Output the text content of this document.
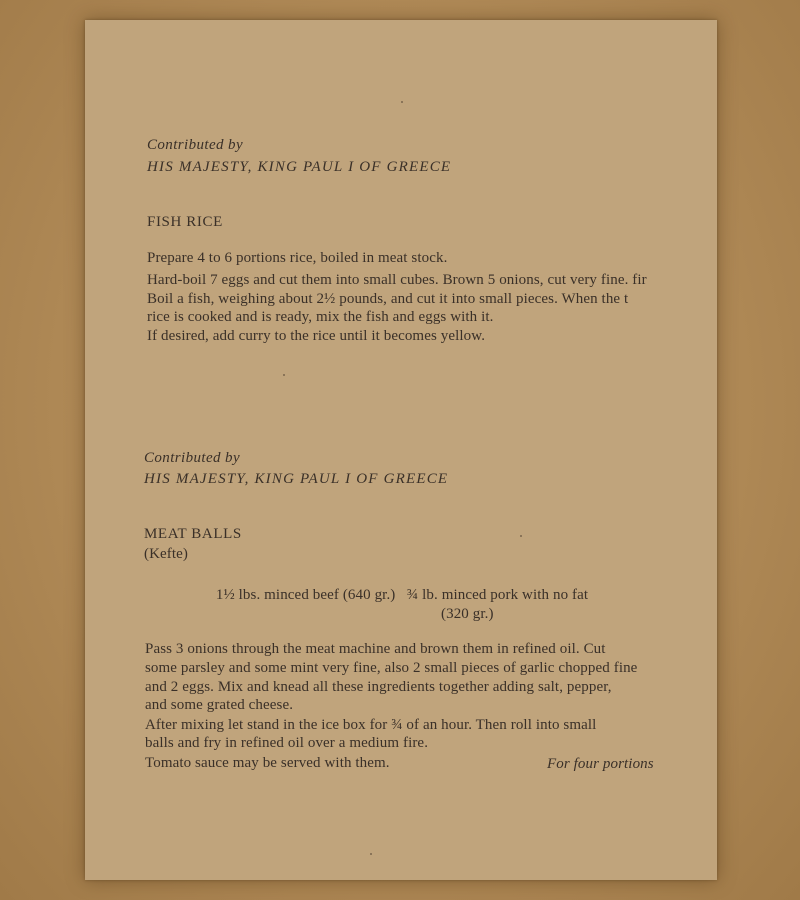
Contributed by
HIS MAJESTY, KING PAUL I OF GREECE
FISH RICE
Prepare 4 to 6 portions rice, boiled in meat stock.
Hard-boil 7 eggs and cut them into small cubes. Brown 5 onions, cut very fine. fir
Boil a fish, weighing about 2½ pounds, and cut it into small pieces. When the t
rice is cooked and is ready, mix the fish and eggs with it.
If desired, add curry to the rice until it becomes yellow.
Contributed by
HIS MAJESTY, KING PAUL I OF GREECE
MEAT BALLS
(Kefte)
1½ lbs. minced beef (640 gr.)   ¾ lb. minced pork with no fat
(320 gr.)
Pass 3 onions through the meat machine and brown them in refined oil. Cut
some parsley and some mint very fine, also 2 small pieces of garlic chopped fine
and 2 eggs. Mix and knead all these ingredients together adding salt, pepper,
and some grated cheese.
After mixing let stand in the ice box for ¾ of an hour. Then roll into small
balls and fry in refined oil over a medium fire.
Tomato sauce may be served with them.	For four portions
